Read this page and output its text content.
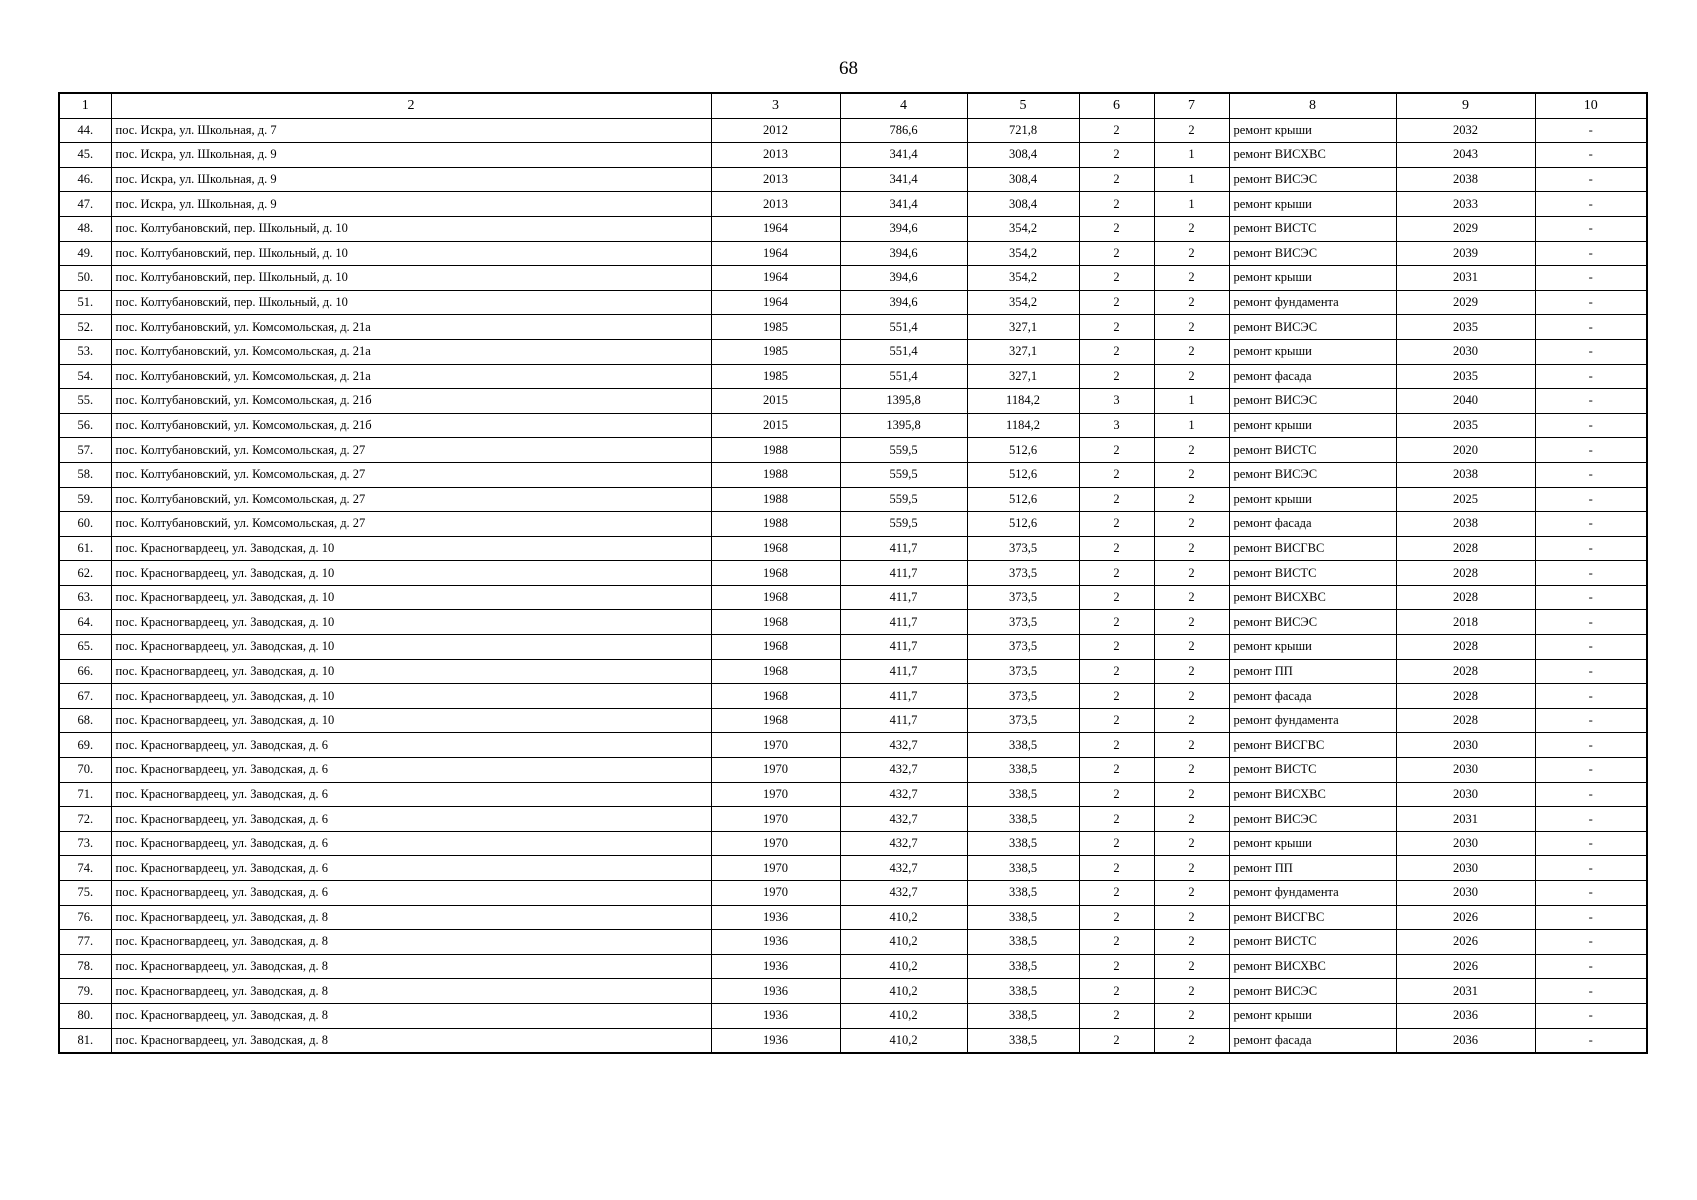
68
1	2	3	4	5	6	7	8	9	10
44.	пос. Искра, ул. Школьная, д. 7	2012	786,6	721,8	2	2	ремонт крыши	2032	-
45.	пос. Искра, ул. Школьная, д. 9	2013	341,4	308,4	2	1	ремонт ВИСХВС	2043	-
46.	пос. Искра, ул. Школьная, д. 9	2013	341,4	308,4	2	1	ремонт ВИСЭС	2038	-
47.	пос. Искра, ул. Школьная, д. 9	2013	341,4	308,4	2	1	ремонт крыши	2033	-
48.	пос. Колтубановский, пер. Школьный, д. 10	1964	394,6	354,2	2	2	ремонт ВИСТС	2029	-
49.	пос. Колтубановский, пер. Школьный, д. 10	1964	394,6	354,2	2	2	ремонт ВИСЭС	2039	-
50.	пос. Колтубановский, пер. Школьный, д. 10	1964	394,6	354,2	2	2	ремонт крыши	2031	-
51.	пос. Колтубановский, пер. Школьный, д. 10	1964	394,6	354,2	2	2	ремонт фундамента	2029	-
52.	пос. Колтубановский, ул. Комсомольская, д. 21а	1985	551,4	327,1	2	2	ремонт ВИСЭС	2035	-
53.	пос. Колтубановский, ул. Комсомольская, д. 21а	1985	551,4	327,1	2	2	ремонт крыши	2030	-
54.	пос. Колтубановский, ул. Комсомольская, д. 21а	1985	551,4	327,1	2	2	ремонт фасада	2035	-
55.	пос. Колтубановский, ул. Комсомольская, д. 21б	2015	1395,8	1184,2	3	1	ремонт ВИСЭС	2040	-
56.	пос. Колтубановский, ул. Комсомольская, д. 21б	2015	1395,8	1184,2	3	1	ремонт крыши	2035	-
57.	пос. Колтубановский, ул. Комсомольская, д. 27	1988	559,5	512,6	2	2	ремонт ВИСТС	2020	-
58.	пос. Колтубановский, ул. Комсомольская, д. 27	1988	559,5	512,6	2	2	ремонт ВИСЭС	2038	-
59.	пос. Колтубановский, ул. Комсомольская, д. 27	1988	559,5	512,6	2	2	ремонт крыши	2025	-
60.	пос. Колтубановский, ул. Комсомольская, д. 27	1988	559,5	512,6	2	2	ремонт фасада	2038	-
61.	пос. Красногвардеец, ул. Заводская, д. 10	1968	411,7	373,5	2	2	ремонт ВИСГВС	2028	-
62.	пос. Красногвардеец, ул. Заводская, д. 10	1968	411,7	373,5	2	2	ремонт ВИСТС	2028	-
63.	пос. Красногвардеец, ул. Заводская, д. 10	1968	411,7	373,5	2	2	ремонт ВИСХВС	2028	-
64.	пос. Красногвардеец, ул. Заводская, д. 10	1968	411,7	373,5	2	2	ремонт ВИСЭС	2018	-
65.	пос. Красногвардеец, ул. Заводская, д. 10	1968	411,7	373,5	2	2	ремонт крыши	2028	-
66.	пос. Красногвардеец, ул. Заводская, д. 10	1968	411,7	373,5	2	2	ремонт ПП	2028	-
67.	пос. Красногвардеец, ул. Заводская, д. 10	1968	411,7	373,5	2	2	ремонт фасада	2028	-
68.	пос. Красногвардеец, ул. Заводская, д. 10	1968	411,7	373,5	2	2	ремонт фундамента	2028	-
69.	пос. Красногвардеец, ул. Заводская, д. 6	1970	432,7	338,5	2	2	ремонт ВИСГВС	2030	-
70.	пос. Красногвардеец, ул. Заводская, д. 6	1970	432,7	338,5	2	2	ремонт ВИСТС	2030	-
71.	пос. Красногвардеец, ул. Заводская, д. 6	1970	432,7	338,5	2	2	ремонт ВИСХВС	2030	-
72.	пос. Красногвардеец, ул. Заводская, д. 6	1970	432,7	338,5	2	2	ремонт ВИСЭС	2031	-
73.	пос. Красногвардеец, ул. Заводская, д. 6	1970	432,7	338,5	2	2	ремонт крыши	2030	-
74.	пос. Красногвардеец, ул. Заводская, д. 6	1970	432,7	338,5	2	2	ремонт ПП	2030	-
75.	пос. Красногвардеец, ул. Заводская, д. 6	1970	432,7	338,5	2	2	ремонт фундамента	2030	-
76.	пос. Красногвардеец, ул. Заводская, д. 8	1936	410,2	338,5	2	2	ремонт ВИСГВС	2026	-
77.	пос. Красногвардеец, ул. Заводская, д. 8	1936	410,2	338,5	2	2	ремонт ВИСТС	2026	-
78.	пос. Красногвардеец, ул. Заводская, д. 8	1936	410,2	338,5	2	2	ремонт ВИСХВС	2026	-
79.	пос. Красногвардеец, ул. Заводская, д. 8	1936	410,2	338,5	2	2	ремонт ВИСЭС	2031	-
80.	пос. Красногвардеец, ул. Заводская, д. 8	1936	410,2	338,5	2	2	ремонт крыши	2036	-
81.	пос. Красногвардеец, ул. Заводская, д. 8	1936	410,2	338,5	2	2	ремонт фасада	2036	-
